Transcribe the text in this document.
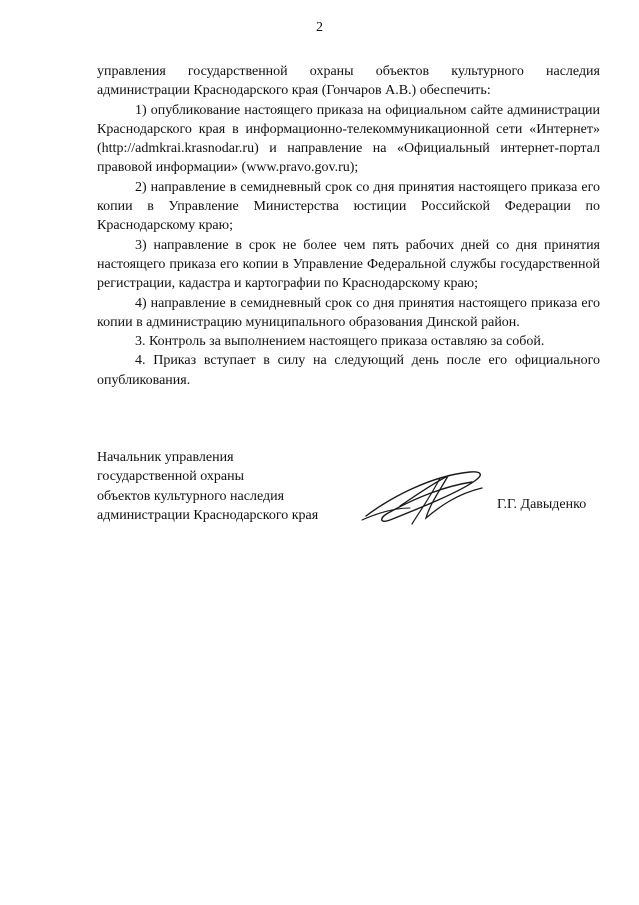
2

управления государственной охраны объектов культурного наследия администрации Краснодарского края (Гончаров А.В.) обеспечить:

1) опубликование настоящего приказа на официальном сайте администрации Краснодарского края в информационно-телекоммуникационной сети «Интернет» (http://admkrai.krasnodar.ru) и направление на «Официальный интернет-портал правовой информации» (www.pravo.gov.ru);

2) направление в семидневный срок со дня принятия настоящего приказа его копии в Управление Министерства юстиции Российской Федерации по Краснодарскому краю;

3) направление в срок не более чем пять рабочих дней со дня принятия настоящего приказа его копии в Управление Федеральной службы государственной регистрации, кадастра и картографии по Краснодарскому краю;

4) направление в семидневный срок со дня принятия настоящего приказа его копии в администрацию муниципального образования Динской район.

3. Контроль за выполнением настоящего приказа оставляю за собой.

4. Приказ вступает в силу на следующий день после его официального опубликования.

Начальник управления
государственной охраны
объектов культурного наследия
администрации Краснодарского края
Г.Г. Давыденко
